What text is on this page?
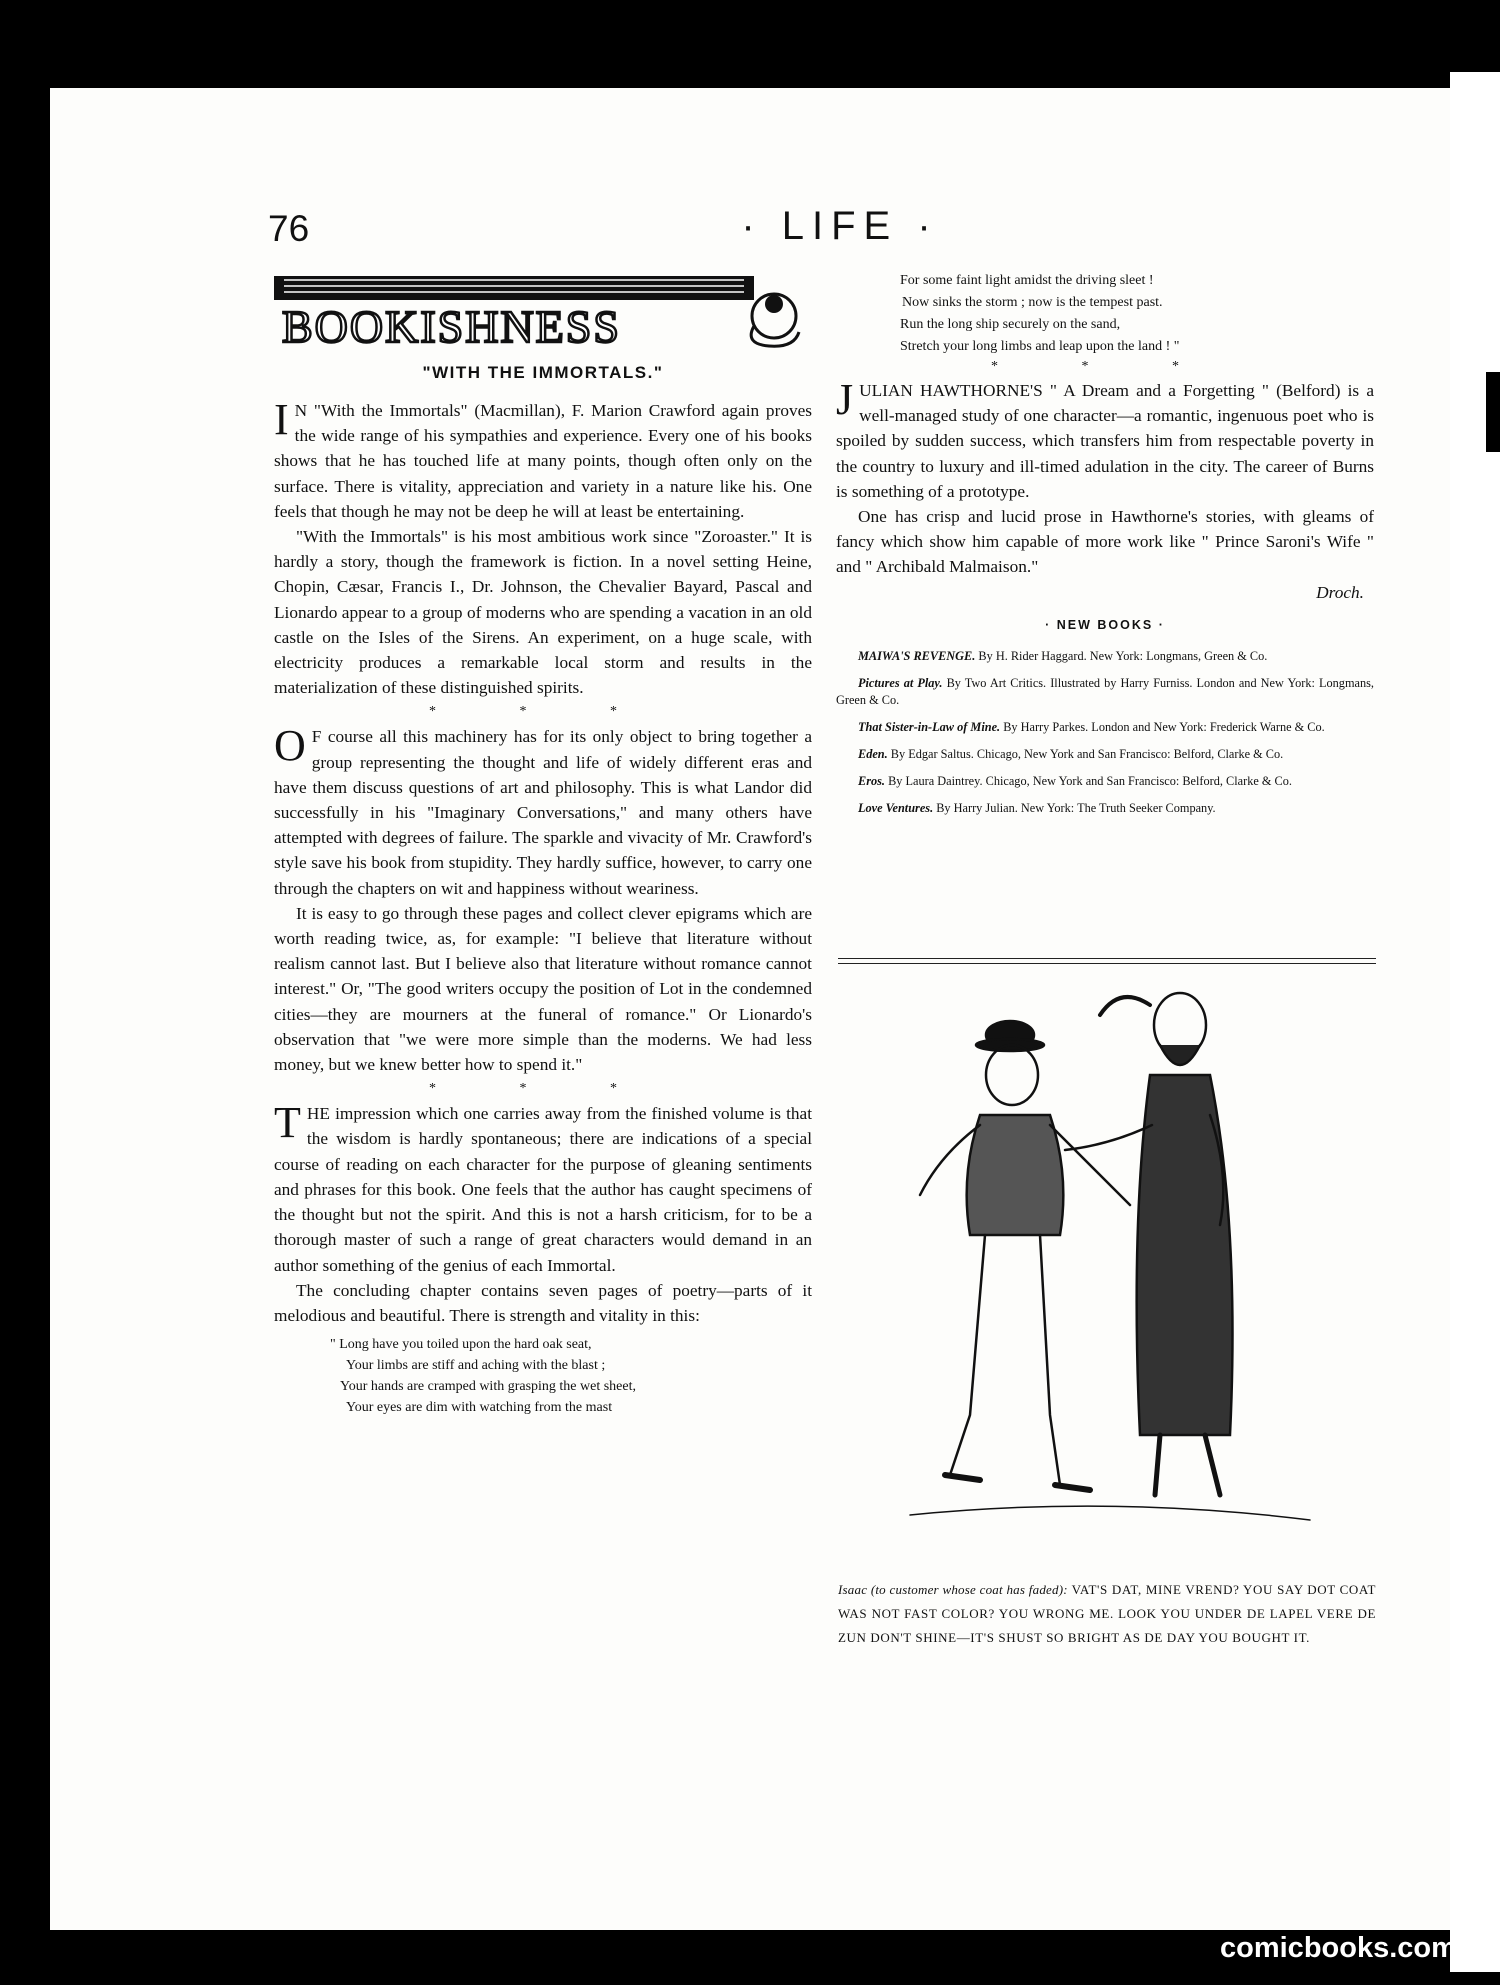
76	· LIFE ·
BOOKISHNESS
"WITH THE IMMORTALS."

I N "With the Immortals" (Macmillan), F. Marion Crawford again proves the wide range of his sympathies and experience. Every one of his books shows that he has touched life at many points, though often only on the surface. There is vitality, appreciation and variety in a nature like his. One feels that though he may not be deep he will at least be entertaining.

"With the Immortals" is his most ambitious work since "Zoroaster." It is hardly a story, though the framework is fiction. In a novel setting Heine, Chopin, Cæsar, Francis I., Dr. Johnson, the Chevalier Bayard, Pascal and Lionardo appear to a group of moderns who are spending a vacation in an old castle on the Isles of the Sirens. An experiment, on a huge scale, with electricity produces a remarkable local storm and results in the materialization of these distinguished spirits.

* * *

O F course all this machinery has for its only object to bring together a group representing the thought and life of widely different eras and have them discuss questions of art and philosophy. This is what Landor did successfully in his "Imaginary Conversations," and many others have attempted with degrees of failure. The sparkle and vivacity of Mr. Crawford's style save his book from stupidity. They hardly suffice, however, to carry one through the chapters on wit and happiness without weariness.

It is easy to go through these pages and collect clever epigrams which are worth reading twice, as, for example: "I believe that literature without realism cannot last. But I believe also that literature without romance cannot interest." Or, "The good writers occupy the position of Lot in the condemned cities—they are mourners at the funeral of romance." Or Lionardo's observation that "we were more simple than the moderns. We had less money, but we knew better how to spend it."

* * *

THE impression which one carries away from the finished volume is that the wisdom is hardly spontaneous; there are indications of a special course of reading on each character for the purpose of gleaning sentiments and phrases for this book. One feels that the author has caught specimens of the thought but not the spirit. And this is not a harsh criticism, for to be a thorough master of such a range of great characters would demand in an author something of the genius of each Immortal.

The concluding chapter contains seven pages of poetry—parts of it melodious and beautiful. There is strength and vitality in this:

" Long have you toiled upon the hard oak seat,
Your limbs are stiff and aching with the blast ;
Your hands are cramped with grasping the wet sheet,
Your eyes are dim with watching from the mast
For some faint light amidst the driving sleet !
Now sinks the storm ; now is the tempest past.
Run the long ship securely on the sand,
Stretch your long limbs and leap upon the land ! "
* * *

JULIAN HAWTHORNE'S " A Dream and a Forgetting " (Belford) is a well-managed study of one character—a romantic, ingenuous poet who is spoiled by sudden success, which transfers him from respectable poverty in the country to luxury and ill-timed adulation in the city. The career of Burns is something of a prototype.

One has crisp and lucid prose in Hawthorne's stories, with gleams of fancy which show him capable of more work like " Prince Saroni's Wife " and " Archibald Malmaison."

Droch.
· NEW BOOKS ·
MAIWA'S REVENGE. By H. Rider Haggard. New York: Longmans, Green & Co.
Pictures at Play. By Two Art Critics. Illustrated by Harry Furniss. London and New York: Longmans, Green & Co.
That Sister-in-Law of Mine. By Harry Parkes. London and New York: Frederick Warne & Co.
Eden. By Edgar Saltus. Chicago, New York and San Francisco: Belford, Clarke & Co.
Eros. By Laura Daintrey. Chicago, New York and San Francisco: Belford, Clarke & Co.
Love Ventures. By Harry Julian. New York: The Truth Seeker Company.
Isaac (to customer whose coat has faded): VAT'S DAT, MINE VREND? YOU SAY DOT COAT WAS NOT FAST COLOR? YOU WRONG ME. LOOK YOU UNDER DE LAPEL VERE DE ZUN DON'T SHINE—IT'S SHUST SO BRIGHT AS DE DAY YOU BOUGHT IT.
comicbooks.com
